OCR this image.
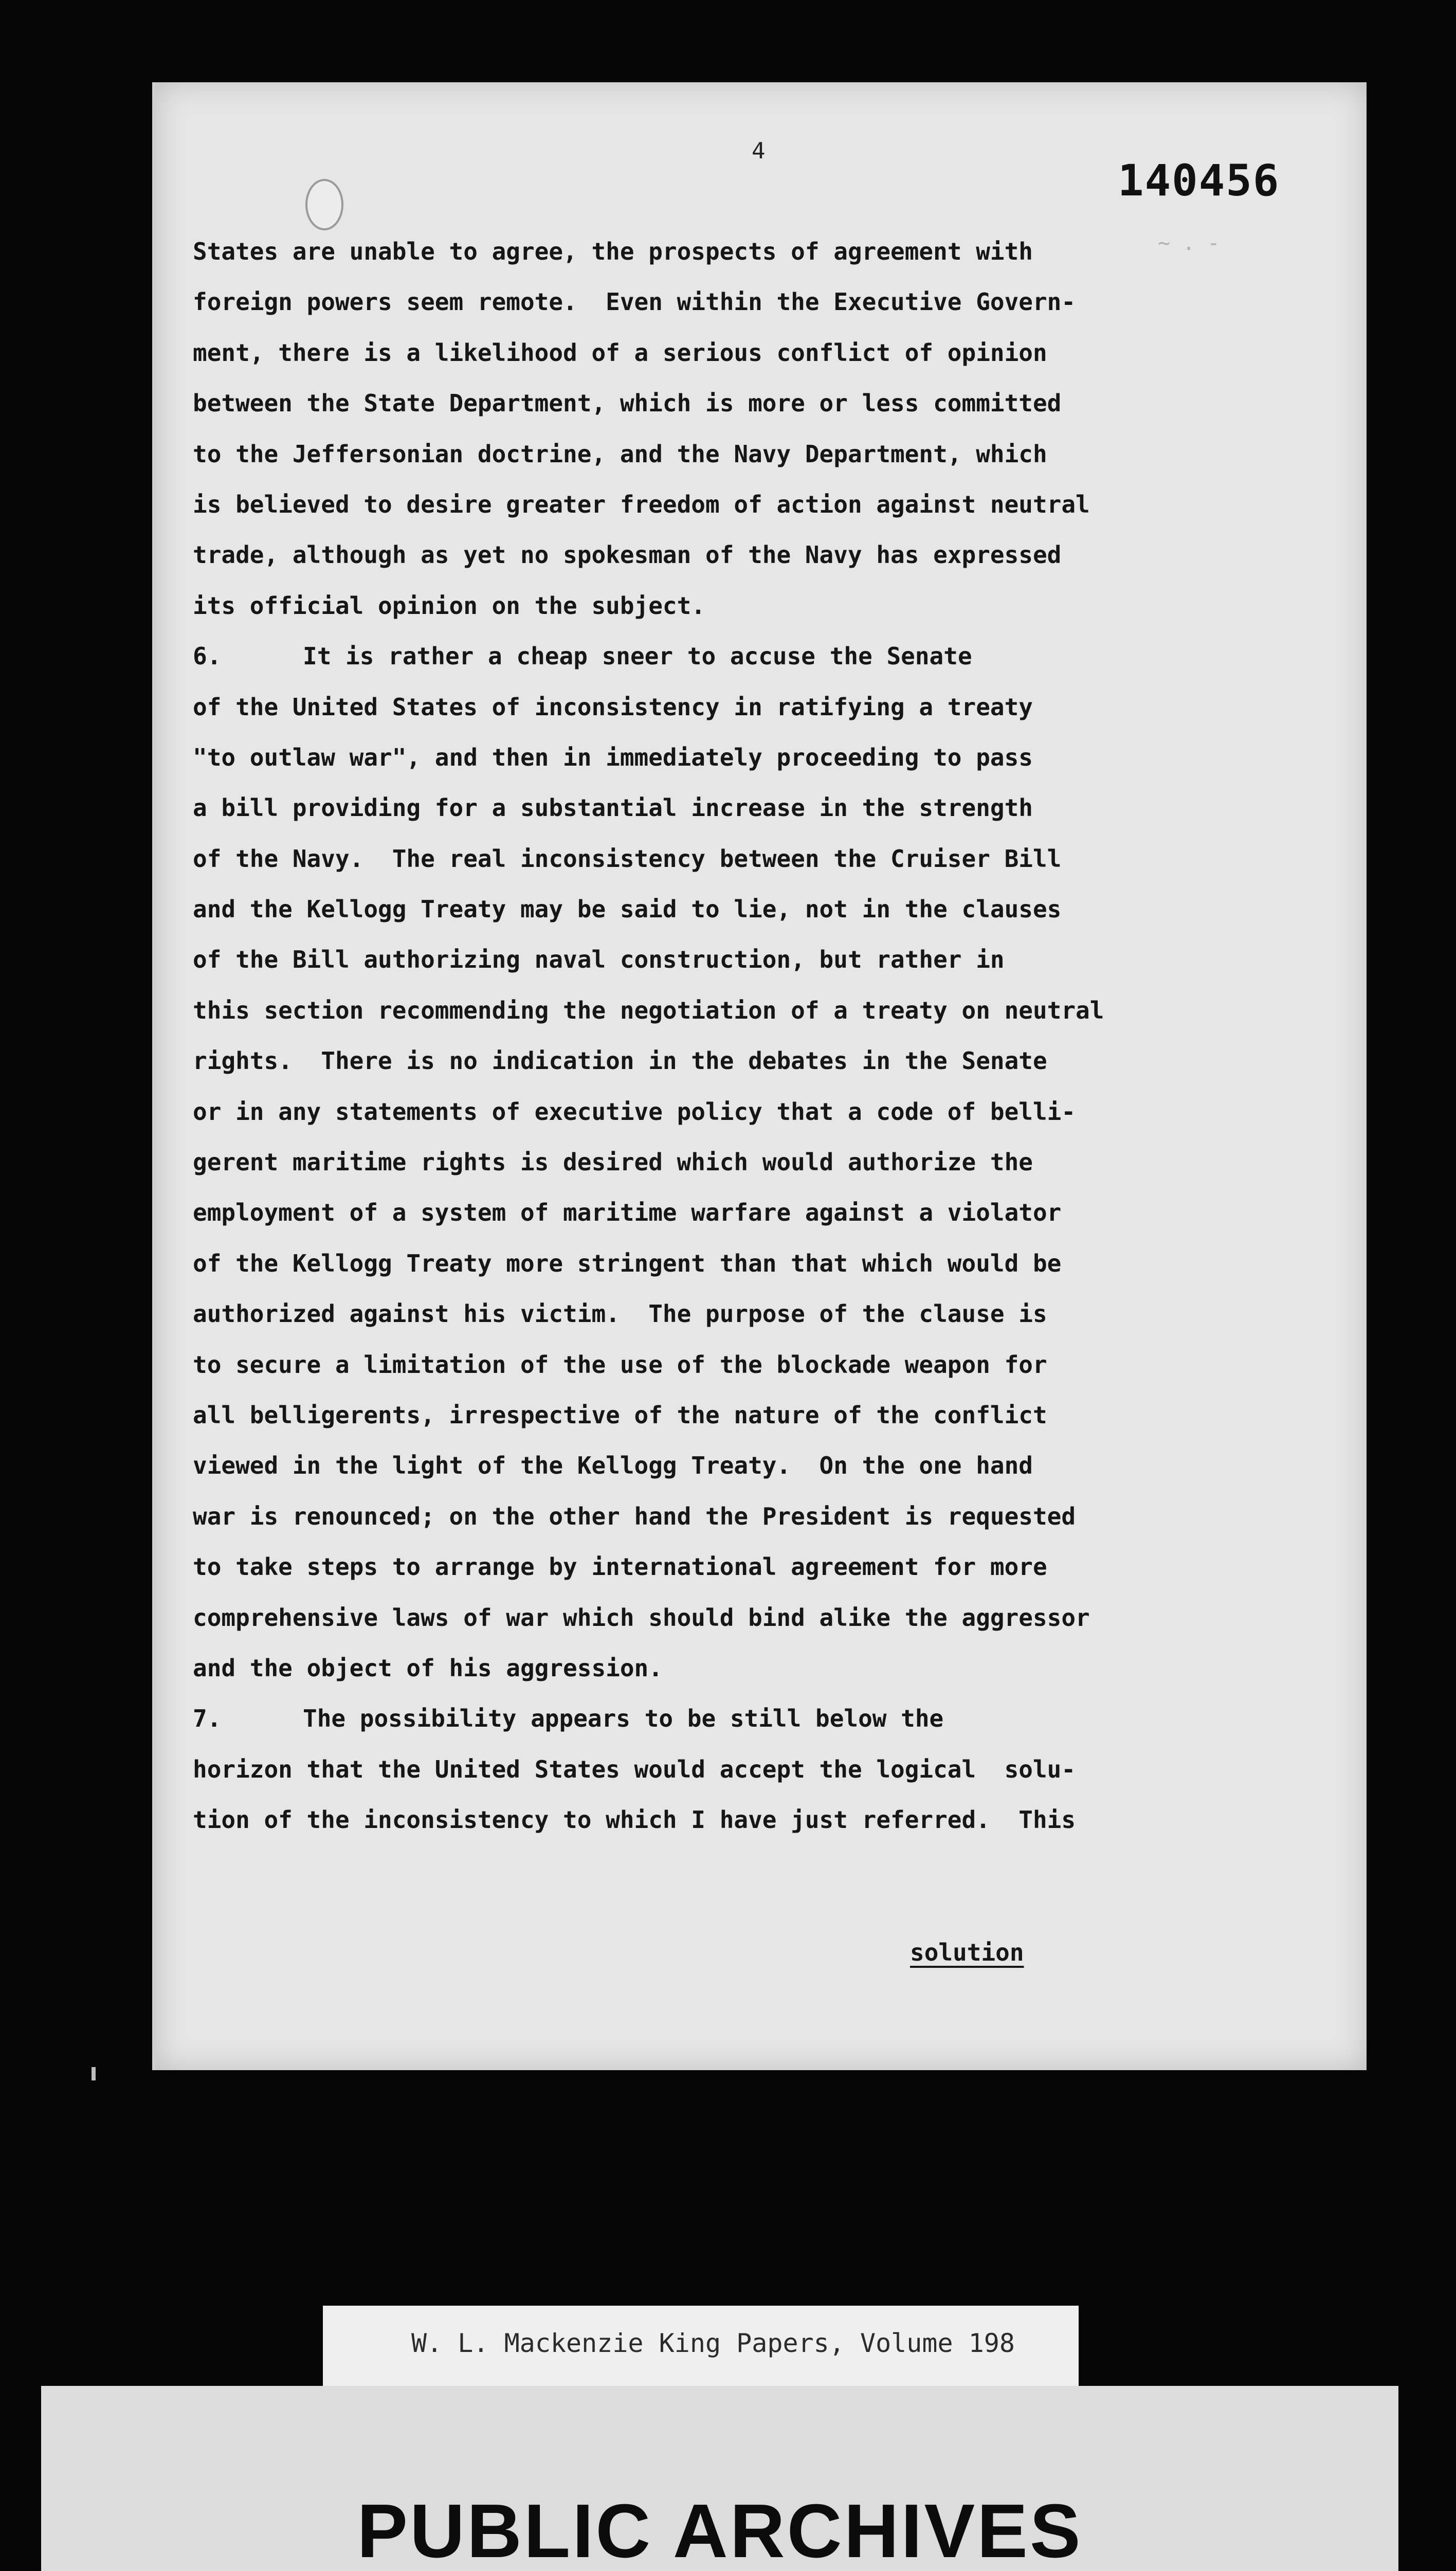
4
140456
~ . -
States are unable to agree, the prospects of agreement with
foreign powers seem remote.  Even within the Executive Govern-
ment, there is a likelihood of a serious conflict of opinion
between the State Department, which is more or less committed
to the Jeffersonian doctrine, and the Navy Department, which
is believed to desire greater freedom of action against neutral
trade, although as yet no spokesman of the Navy has expressed
its official opinion on the subject.
6.	It is rather a cheap sneer to accuse the Senate
of the United States of inconsistency in ratifying a treaty
"to outlaw war", and then in immediately proceeding to pass
a bill providing for a substantial increase in the strength
of the Navy.  The real inconsistency between the Cruiser Bill
and the Kellogg Treaty may be said to lie, not in the clauses
of the Bill authorizing naval construction, but rather in
this section recommending the negotiation of a treaty on neutral
rights.  There is no indication in the debates in the Senate
or in any statements of executive policy that a code of belli-
gerent maritime rights is desired which would authorize the
employment of a system of maritime warfare against a violator
of the Kellogg Treaty more stringent than that which would be
authorized against his victim.  The purpose of the clause is
to secure a limitation of the use of the blockade weapon for
all belligerents, irrespective of the nature of the conflict
viewed in the light of the Kellogg Treaty.  On the one hand
war is renounced; on the other hand the President is requested
to take steps to arrange by international agreement for more
comprehensive laws of war which should bind alike the aggressor
and the object of his aggression.
7.	The possibility appears to be still below the
horizon that the United States would accept the logical  solu-
tion of the inconsistency to which I have just referred.  This
solution
W. L. Mackenzie King Papers, Volume 198
PUBLIC ARCHIVES
